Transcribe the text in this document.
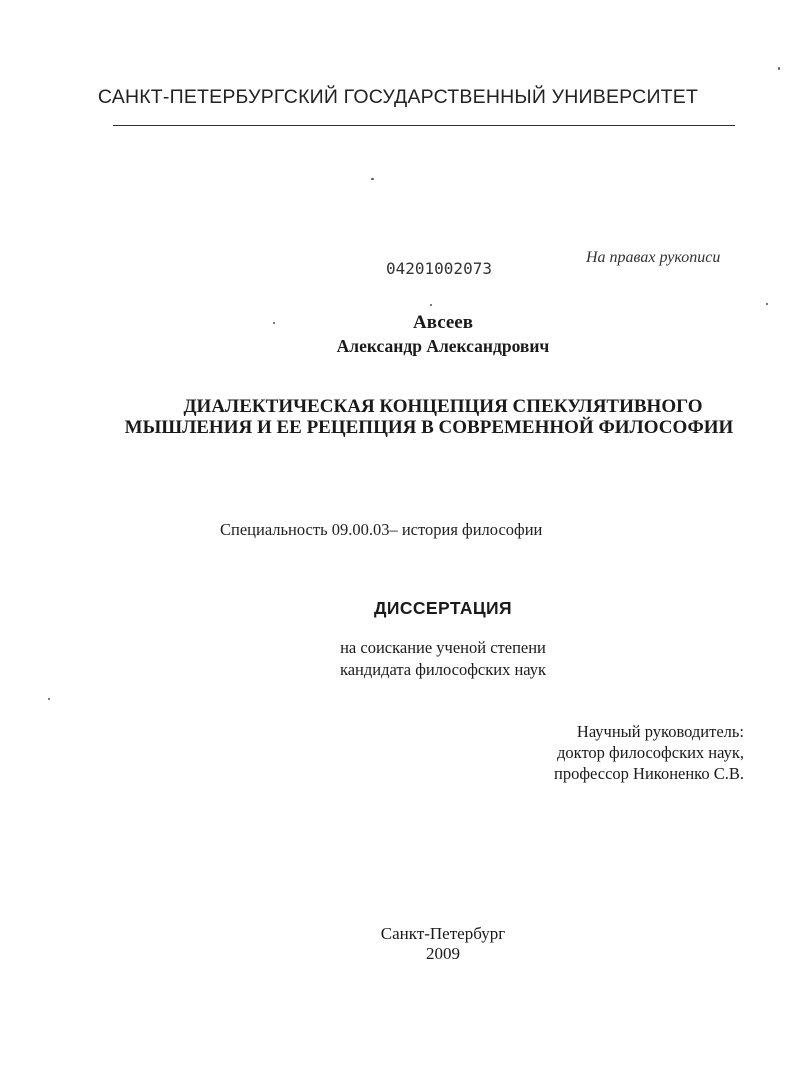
САНКТ-ПЕТЕРБУРГСКИЙ ГОСУДАРСТВЕННЫЙ УНИВЕРСИТЕТ
04201002073
На правах рукописи
Авсеев
Александр Александрович
ДИАЛЕКТИЧЕСКАЯ КОНЦЕПЦИЯ СПЕКУЛЯТИВНОГО
МЫШЛЕНИЯ И ЕЕ РЕЦЕПЦИЯ В СОВРЕМЕННОЙ ФИЛОСОФИИ
Специальность 09.00.03– история философии
ДИССЕРТАЦИЯ
на соискание ученой степени
кандидата философских наук
Научный руководитель:
доктор философских наук,
профессор Никоненко С.В.
Санкт-Петербург
2009
